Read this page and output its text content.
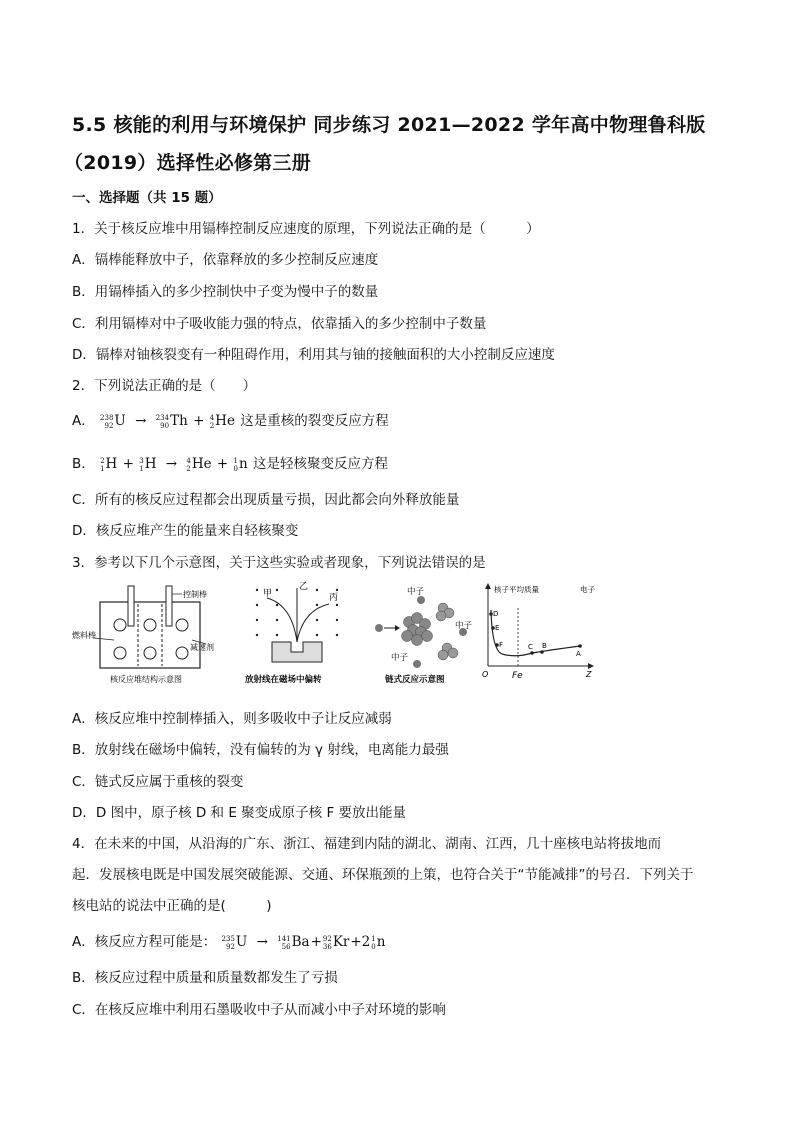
5.5 核能的利用与环境保护 同步练习 2021—2022 学年高中物理鲁科版
（2019）选择性必修第三册
一、选择题（共 15 题）
1．关于核反应堆中用镉棒控制反应速度的原理，下列说法正确的是（　　　）
A．镉棒能释放中子，依靠释放的多少控制反应速度
B．用镉棒插入的多少控制快中子变为慢中子的数量
C．利用镉棒对中子吸收能力强的特点，依靠插入的多少控制中子数量
D．镉棒对铀核裂变有一种阻碍作用，利用其与铀的接触面积的大小控制反应速度
2．下列说法正确的是（　　）
A． 238
92 U → 234
90 Th + 4
2 He 这是重核的裂变反应方程
B． 2
1 H + 3
1 H → 4
2 He + 1
0 n 这是轻核聚变反应方程
C．所有的核反应过程都会出现质量亏损，因此都会向外释放能量
D．核反应堆产生的能量来自轻核聚变
3．参考以下几个示意图，关于这些实验或者现象，下列说法错误的是
控制棒
燃料棒
减速剂
核反应堆结构示意图
甲
乙
丙
放射线在磁场中偏转
中子
中子
中子
链式反应示意图
核子平均质量	电子
D
E
F	C B
A
O	Fe	Z
A．核反应堆中控制棒插入，则多吸收中子让反应减弱
B．放射线在磁场中偏转，没有偏转的为 γ 射线，电离能力最强
C．链式反应属于重核的裂变
D．D 图中，原子核 D 和 E 聚变成原子核 F 要放出能量
4．在未来的中国，从沿海的广东、浙江、福建到内陆的湖北、湖南、江西，几十座核电站将拔地而
起．发展核电既是中国发展突破能源、交通、环保瓶颈的上策，也符合关于“节能减排”的号召．下列关于
核电站的说法中正确的是(　　　)
A．核反应方程可能是： 235
92 U → 141
56 Ba+ 92
36 Kr+2 1
0 n
B．核反应过程中质量和质量数都发生了亏损
C．在核反应堆中利用石墨吸收中子从而减小中子对环境的影响
